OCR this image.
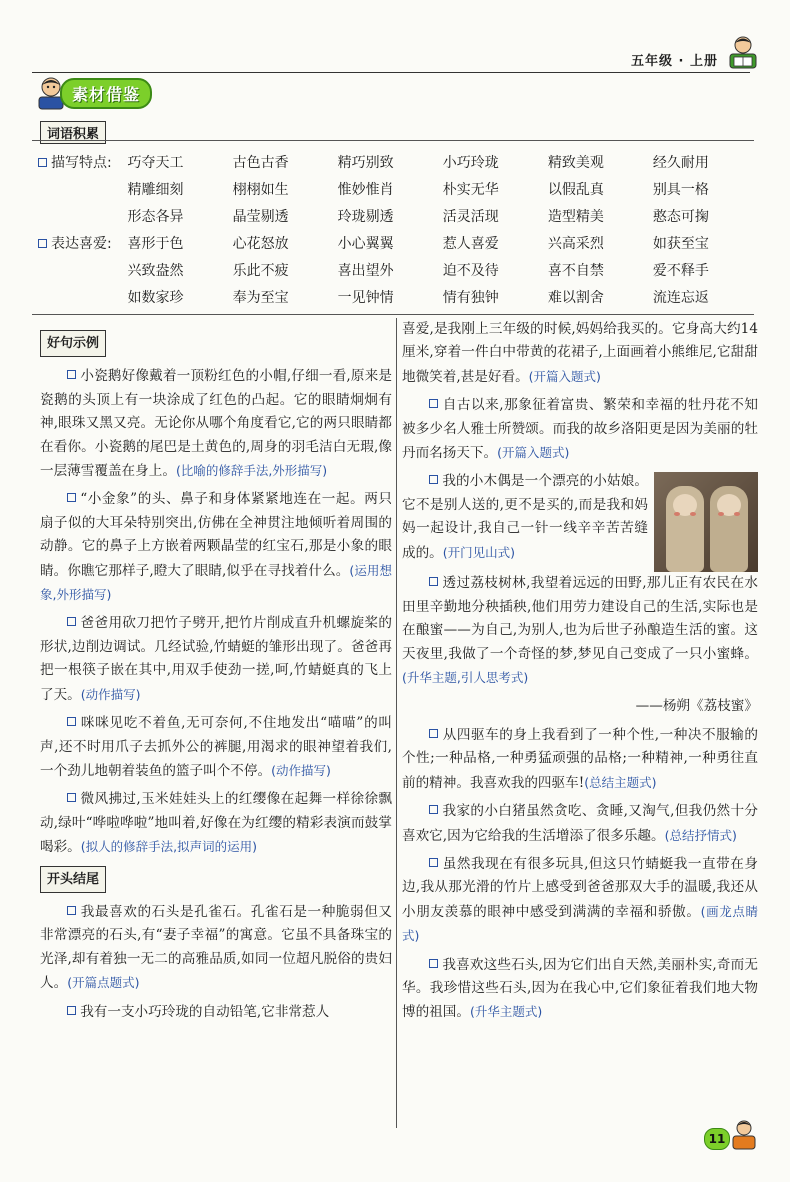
五年级 · 上册
素材借鉴
词语积累
描写特点:	巧夺天工	古色古香	精巧别致	小巧玲珑	精致美观	经久耐用
精雕细刻	栩栩如生	惟妙惟肖	朴实无华	以假乱真	别具一格
形态各异	晶莹剔透	玲珑剔透	活灵活现	造型精美	憨态可掬
表达喜爱:	喜形于色	心花怒放	小心翼翼	惹人喜爱	兴高采烈	如获至宝
兴致盎然	乐此不疲	喜出望外	迫不及待	喜不自禁	爱不释手
如数家珍	奉为至宝	一见钟情	情有独钟	难以割舍	流连忘返
好句示例

小瓷鹅好像戴着一顶粉红色的小帽,仔细一看,原来是瓷鹅的头顶上有一块涂成了红色的凸起。它的眼睛炯炯有神,眼珠又黑又亮。无论你从哪个角度看它,它的两只眼睛都在看你。小瓷鹅的尾巴是土黄色的,周身的羽毛洁白无瑕,像一层薄雪覆盖在身上。(比喻的修辞手法,外形描写)

“小金象”的头、鼻子和身体紧紧地连在一起。两只扇子似的大耳朵特别突出,仿佛在全神贯注地倾听着周围的动静。它的鼻子上方嵌着两颗晶莹的红宝石,那是小象的眼睛。你瞧它那样子,瞪大了眼睛,似乎在寻找着什么。(运用想象,外形描写)

爸爸用砍刀把竹子劈开,把竹片削成直升机螺旋桨的形状,边削边调试。几经试验,竹蜻蜓的雏形出现了。爸爸再把一根筷子嵌在其中,用双手使劲一搓,呵,竹蜻蜓真的飞上了天。(动作描写)

咪咪见吃不着鱼,无可奈何,不住地发出“喵喵”的叫声,还不时用爪子去抓外公的裤腿,用渴求的眼神望着我们,一个劲儿地朝着装鱼的篮子叫个不停。(动作描写)

微风拂过,玉米娃娃头上的红缨像在起舞一样徐徐飘动,绿叶“哗啦哗啦”地叫着,好像在为红缨的精彩表演而鼓掌喝彩。(拟人的修辞手法,拟声词的运用)

开头结尾

我最喜欢的石头是孔雀石。孔雀石是一种脆弱但又非常漂亮的石头,有“妻子幸福”的寓意。它虽不具备珠宝的光泽,却有着独一无二的高雅品质,如同一位超凡脱俗的贵妇人。(开篇点题式)

我有一支小巧玲珑的自动铅笔,它非常惹人

喜爱,是我刚上三年级的时候,妈妈给我买的。它身高大约14厘米,穿着一件白中带黄的花裙子,上面画着小熊维尼,它甜甜地微笑着,甚是好看。(开篇入题式)

自古以来,那象征着富贵、繁荣和幸福的牡丹花不知被多少名人雅士所赞颂。而我的故乡洛阳更是因为美丽的牡丹而名扬天下。(开篇入题式)

我的小木偶是一个漂亮的小姑娘。它不是别人送的,更不是买的,而是我和妈妈一起设计,我自己一针一线辛辛苦苦缝成的。(开门见山式)

透过荔枝树林,我望着远远的田野,那儿正有农民在水田里辛勤地分秧插秧,他们用劳力建设自己的生活,实际也是在酿蜜——为自己,为别人,也为后世子孙酿造生活的蜜。这天夜里,我做了一个奇怪的梦,梦见自己变成了一只小蜜蜂。(升华主题,引人思考式)

——杨朔《荔枝蜜》

从四驱车的身上我看到了一种个性,一种决不服输的个性;一种品格,一种勇猛顽强的品格;一种精神,一种勇往直前的精神。我喜欢我的四驱车!(总结主题式)

我家的小白猪虽然贪吃、贪睡,又淘气,但我仍然十分喜欢它,因为它给我的生活增添了很多乐趣。(总结抒情式)

虽然我现在有很多玩具,但这只竹蜻蜓我一直带在身边,我从那光滑的竹片上感受到爸爸那双大手的温暖,我还从小朋友羡慕的眼神中感受到满满的幸福和骄傲。(画龙点睛式)

我喜欢这些石头,因为它们出自天然,美丽朴实,奇而无华。我珍惜这些石头,因为在我心中,它们象征着我们地大物博的祖国。(升华主题式)

11
